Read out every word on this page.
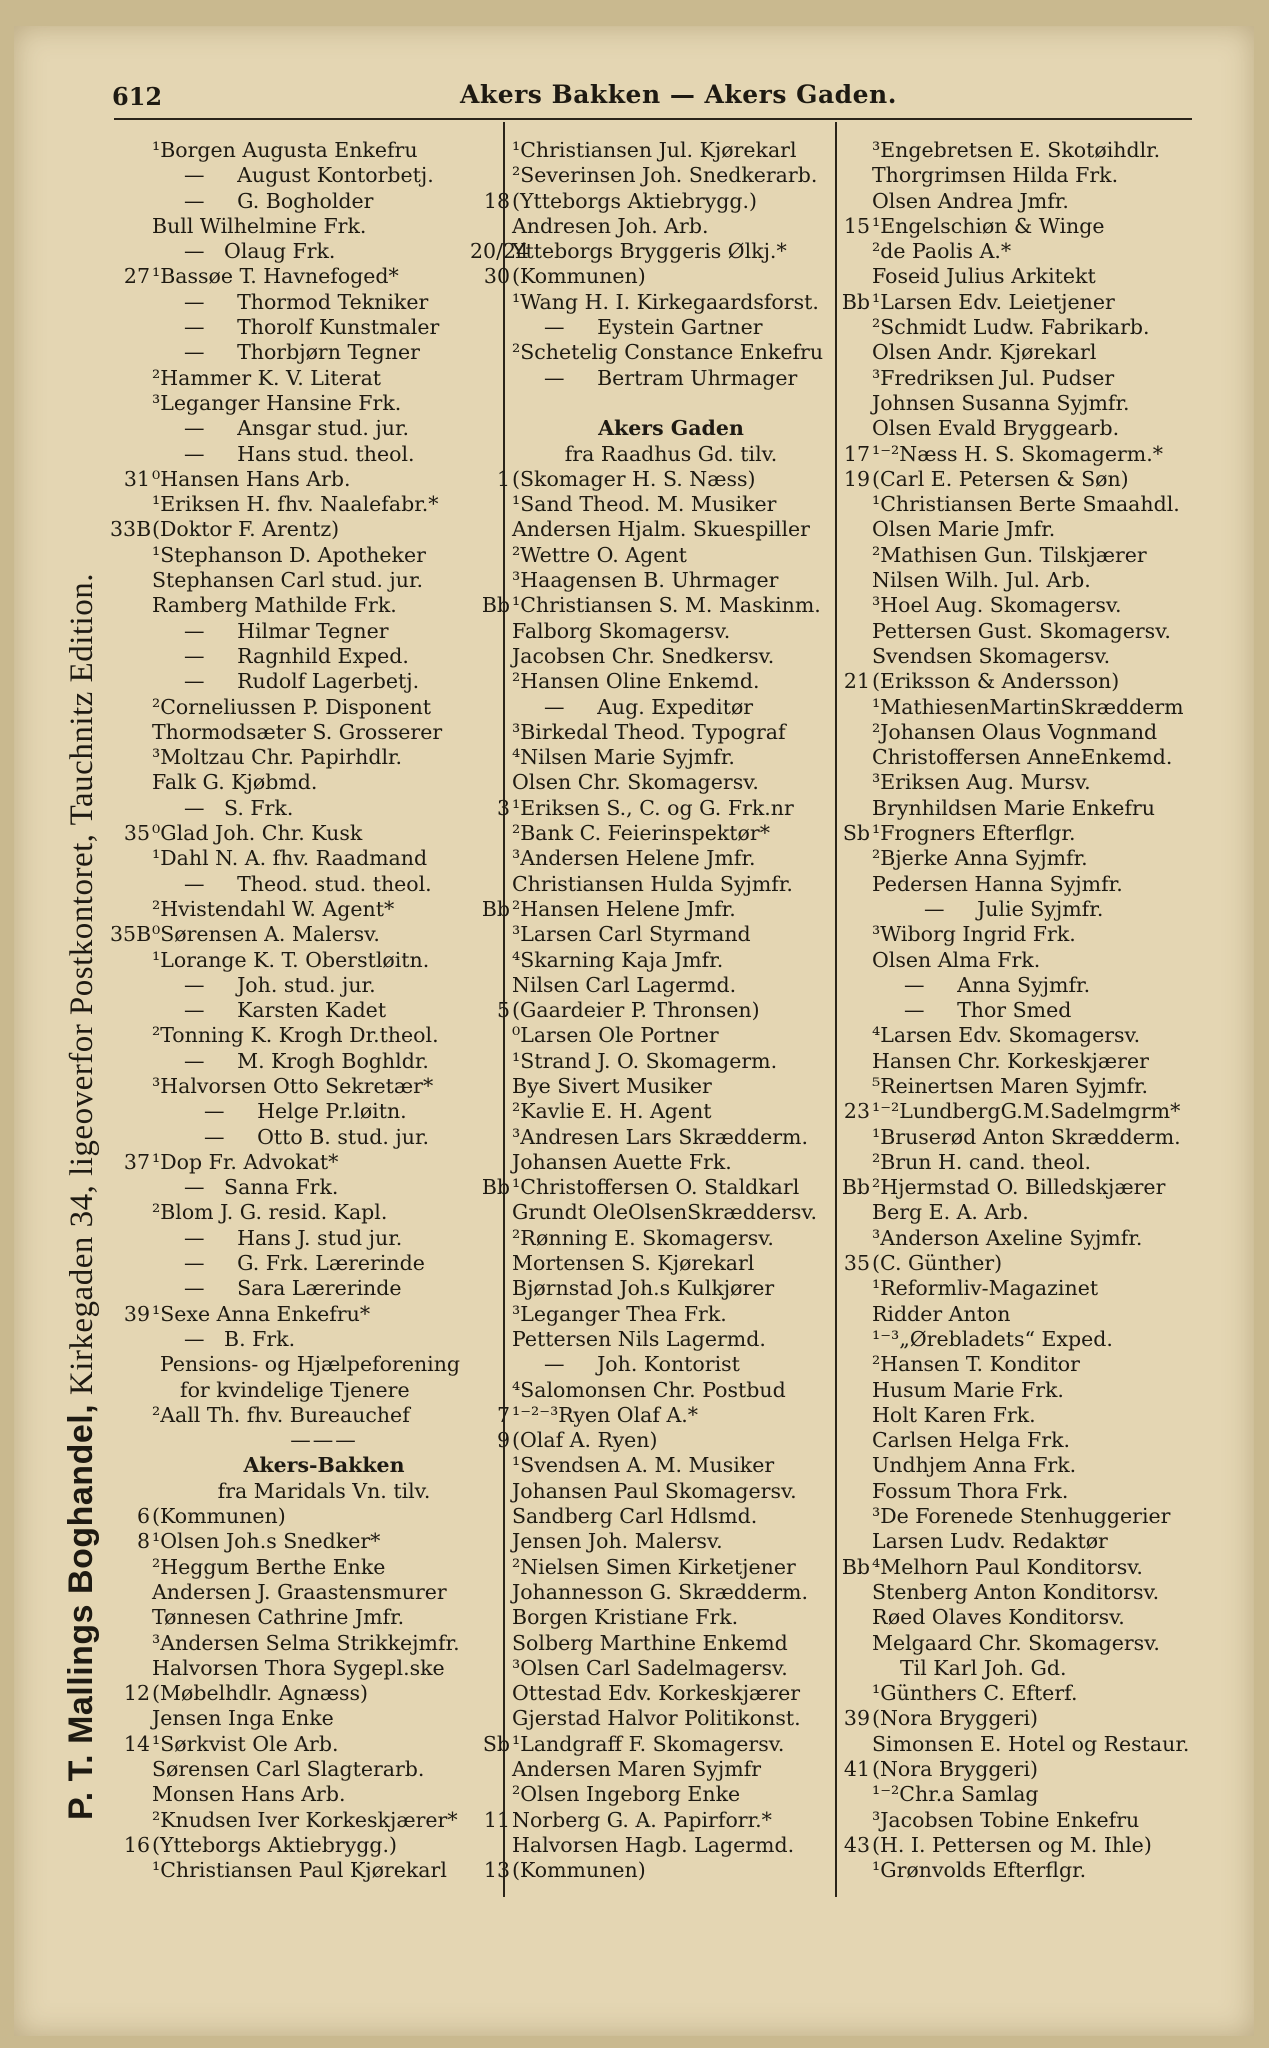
612	Akers Bakken — Akers Gaden.
P. T. Mallings Boghandel, Kirkegaden 34, ligeoverfor Postkontoret, Tauchnitz Edition.
¹Borgen Augusta Enkefru
—     August Kontorbetj.
—     G. Bogholder
Bull Wilhelmine Frk.
—   Olaug Frk.
27¹Bassøe T. Havnefoged*
—     Thormod Tekniker
—     Thorolf Kunstmaler
—     Thorbjørn Tegner
²Hammer K. V. Literat
³Leganger Hansine Frk.
—     Ansgar stud. jur.
—     Hans stud. theol.
31⁰Hansen Hans Arb.
¹Eriksen H. fhv. Naalefabr.*
33B(Doktor F. Arentz)
¹Stephanson D. Apotheker
Stephansen Carl stud. jur.
Ramberg Mathilde Frk.
—     Hilmar Tegner
—     Ragnhild Exped.
—     Rudolf Lagerbetj.
²Corneliussen P. Disponent
Thormodsæter S. Grosserer
³Moltzau Chr. Papirhdlr.
Falk G. Kjøbmd.
—   S. Frk.
35⁰Glad Joh. Chr. Kusk
¹Dahl N. A. fhv. Raadmand
—     Theod. stud. theol.
²Hvistendahl W. Agent*
35B⁰Sørensen A. Malersv.
¹Lorange K. T. Oberstløitn.
—     Joh. stud. jur.
—     Karsten Kadet
²Tonning K. Krogh Dr.theol.
—     M. Krogh Boghldr.
³Halvorsen Otto Sekretær*
—     Helge Pr.løitn.
—     Otto B. stud. jur.
37¹Dop Fr. Advokat*
—   Sanna Frk.
²Blom J. G. resid. Kapl.
—     Hans J. stud jur.
—     G. Frk. Lærerinde
—     Sara Lærerinde
39¹Sexe Anna Enkefru*
—   B. Frk.
Pensions- og Hjælpeforening
for kvindelige Tjenere
²Aall Th. fhv. Bureauchef
———
Akers-Bakken
fra Maridals Vn. tilv.
6(Kommunen)
8¹Olsen Joh.s Snedker*
²Heggum Berthe Enke
Andersen J. Graastensmurer
Tønnesen Cathrine Jmfr.
³Andersen Selma Strikkejmfr.
Halvorsen Thora Sygepl.ske
12(Møbelhdlr. Agnæss)
Jensen Inga Enke
14¹Sørkvist Ole Arb.
Sørensen Carl Slagterarb.
Monsen Hans Arb.
²Knudsen Iver Korkeskjærer*
16(Ytteborgs Aktiebrygg.)
¹Christiansen Paul Kjørekarl
¹Christiansen Jul. Kjørekarl
²Severinsen Joh. Snedkerarb.
18(Ytteborgs Aktiebrygg.)
Andresen Joh. Arb.
20/24Ytteborgs Bryggeris Ølkj.*
30(Kommunen)
¹Wang H. I. Kirkegaardsforst.
—     Eystein Gartner
²Schetelig Constance Enkefru
—     Bertram Uhrmager
Akers Gaden
fra Raadhus Gd. tilv.
1(Skomager H. S. Næss)
¹Sand Theod. M. Musiker
Andersen Hjalm. Skuespiller
²Wettre O. Agent
³Haagensen B. Uhrmager
Bb¹Christiansen S. M. Maskinm.
Falborg Skomagersv.
Jacobsen Chr. Snedkersv.
²Hansen Oline Enkemd.
—     Aug. Expeditør
³Birkedal Theod. Typograf
⁴Nilsen Marie Syjmfr.
Olsen Chr. Skomagersv.
3¹Eriksen S., C. og G. Frk.nr
²Bank C. Feierinspektør*
³Andersen Helene Jmfr.
Christiansen Hulda Syjmfr.
Bb²Hansen Helene Jmfr.
³Larsen Carl Styrmand
⁴Skarning Kaja Jmfr.
Nilsen Carl Lagermd.
5(Gaardeier P. Thronsen)
⁰Larsen Ole Portner
¹Strand J. O. Skomagerm.
Bye Sivert Musiker
²Kavlie E. H. Agent
³Andresen Lars Skrædderm.
Johansen Auette Frk.
Bb¹Christoffersen O. Staldkarl
Grundt OleOlsenSkræddersv.
²Rønning E. Skomagersv.
Mortensen S. Kjørekarl
Bjørnstad Joh.s Kulkjører
³Leganger Thea Frk.
Pettersen Nils Lagermd.
—     Joh. Kontorist
⁴Salomonsen Chr. Postbud
7¹⁻²⁻³Ryen Olaf A.*
9(Olaf A. Ryen)
¹Svendsen A. M. Musiker
Johansen Paul Skomagersv.
Sandberg Carl Hdlsmd.
Jensen Joh. Malersv.
²Nielsen Simen Kirketjener
Johannesson G. Skrædderm.
Borgen Kristiane Frk.
Solberg Marthine Enkemd
³Olsen Carl Sadelmagersv.
Ottestad Edv. Korkeskjærer
Gjerstad Halvor Politikonst.
Sb¹Landgraff F. Skomagersv.
Andersen Maren Syjmfr
²Olsen Ingeborg Enke
11Norberg G. A. Papirforr.*
Halvorsen Hagb. Lagermd.
13(Kommunen)
³Engebretsen E. Skotøihdlr.
Thorgrimsen Hilda Frk.
Olsen Andrea Jmfr.
15¹Engelschiøn & Winge
²de Paolis A.*
Foseid Julius Arkitekt
Bb¹Larsen Edv. Leietjener
²Schmidt Ludw. Fabrikarb.
Olsen Andr. Kjørekarl
³Fredriksen Jul. Pudser
Johnsen Susanna Syjmfr.
Olsen Evald Bryggearb.
17¹⁻²Næss H. S. Skomagerm.*
19(Carl E. Petersen & Søn)
¹Christiansen Berte Smaahdl.
Olsen Marie Jmfr.
²Mathisen Gun. Tilskjærer
Nilsen Wilh. Jul. Arb.
³Hoel Aug. Skomagersv.
Pettersen Gust. Skomagersv.
Svendsen Skomagersv.
21(Eriksson & Andersson)
¹MathiesenMartinSkrædderm
²Johansen Olaus Vognmand
Christoffersen AnneEnkemd.
³Eriksen Aug. Mursv.
Brynhildsen Marie Enkefru
Sb¹Frogners Efterflgr.
²Bjerke Anna Syjmfr.
Pedersen Hanna Syjmfr.
—     Julie Syjmfr.
³Wiborg Ingrid Frk.
Olsen Alma Frk.
—     Anna Syjmfr.
—     Thor Smed
⁴Larsen Edv. Skomagersv.
Hansen Chr. Korkeskjærer
⁵Reinertsen Maren Syjmfr.
23¹⁻²LundbergG.M.Sadelmgrm*
¹Bruserød Anton Skrædderm.
²Brun H. cand. theol.
Bb²Hjermstad O. Billedskjærer
Berg E. A. Arb.
³Anderson Axeline Syjmfr.
35(C. Günther)
¹Reformliv-Magazinet
Ridder Anton
¹⁻³„Ørebladets“ Exped.
²Hansen T. Konditor
Husum Marie Frk.
Holt Karen Frk.
Carlsen Helga Frk.
Undhjem Anna Frk.
Fossum Thora Frk.
³De Forenede Stenhuggerier
Larsen Ludv. Redaktør
Bb⁴Melhorn Paul Konditorsv.
Stenberg Anton Konditorsv.
Røed Olaves Konditorsv.
Melgaard Chr. Skomagersv.
Til Karl Joh. Gd.
¹Günthers C. Efterf.
39(Nora Bryggeri)
Simonsen E. Hotel og Restaur.
41(Nora Bryggeri)
¹⁻²Chr.a Samlag
³Jacobsen Tobine Enkefru
43(H. I. Pettersen og M. Ihle)
¹Grønvolds Efterflgr.
